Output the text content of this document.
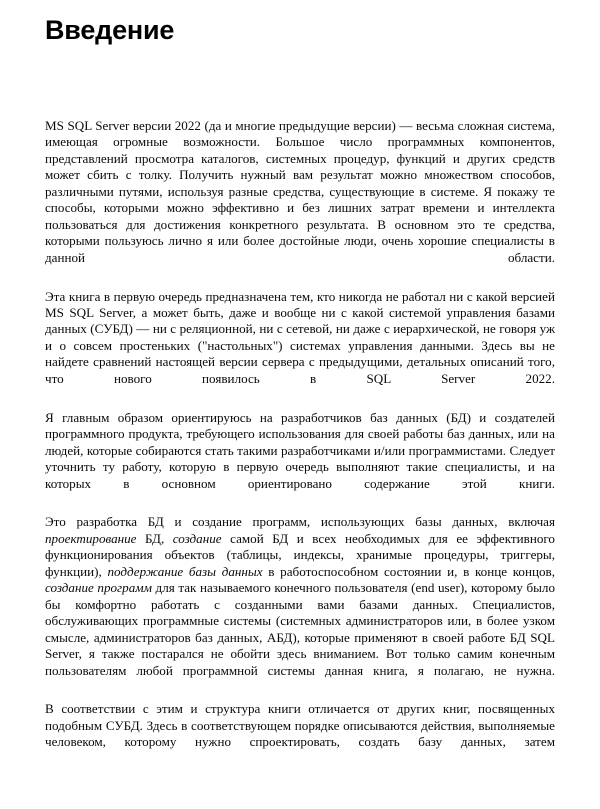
Введение

MS SQL Server версии 2022 (да и многие предыдущие версии) — весьма сложная система, имеющая огромные возможности. Большое число программных компонентов, представлений просмотра каталогов, системных процедур, функций и других средств может сбить с толку. Получить нужный вам результат можно множеством способов, различными путями, используя разные средства, существующие в системе. Я покажу те способы, которыми можно эффективно и без лишних затрат времени и интеллекта пользоваться для достижения конкретного результата. В основном это те средства, которыми пользуюсь лично я или более достойные люди, очень хорошие специалисты в данной области.

Эта книга в первую очередь предназначена тем, кто никогда не работал ни с какой версией MS SQL Server, а может быть, даже и вообще ни с какой системой управления базами данных (СУБД) — ни с реляционной, ни с сетевой, ни даже с иерархической, не говоря уж и о совсем простеньких ("настольных") системах управления данными. Здесь вы не найдете сравнений настоящей версии сервера с предыдущими, детальных описаний того, что нового появилось в SQL Server 2022.

Я главным образом ориентируюсь на разработчиков баз данных (БД) и создателей программного продукта, требующего использования для своей работы баз данных, или на людей, которые собираются стать такими разработчиками и/или программистами. Следует уточнить ту работу, которую в первую очередь выполняют такие специалисты, и на которых в основном ориентировано содержание этой книги.

Это разработка БД и создание программ, использующих базы данных, включая проектирование БД, создание самой БД и всех необходимых для ее эффективного функционирования объектов (таблицы, индексы, хранимые процедуры, триггеры, функции), поддержание базы данных в работоспособном состоянии и, в конце концов, создание программ для так называемого конечного пользователя (end user), которому было бы комфортно работать с созданными вами базами данных. Специалистов, обслуживающих программные системы (системных администраторов или, в более узком смысле, администраторов баз данных, АБД), которые применяют в своей работе БД SQL Server, я также постарался не обойти здесь вниманием. Вот только самим конечным пользователям любой программной системы данная книга, я полагаю, не нужна.

В соответствии с этим и структура книги отличается от других книг, посвященных подобным СУБД. Здесь в соответствующем порядке описываются действия, выполняемые человеком, которому нужно спроектировать, создать базу данных, затем
